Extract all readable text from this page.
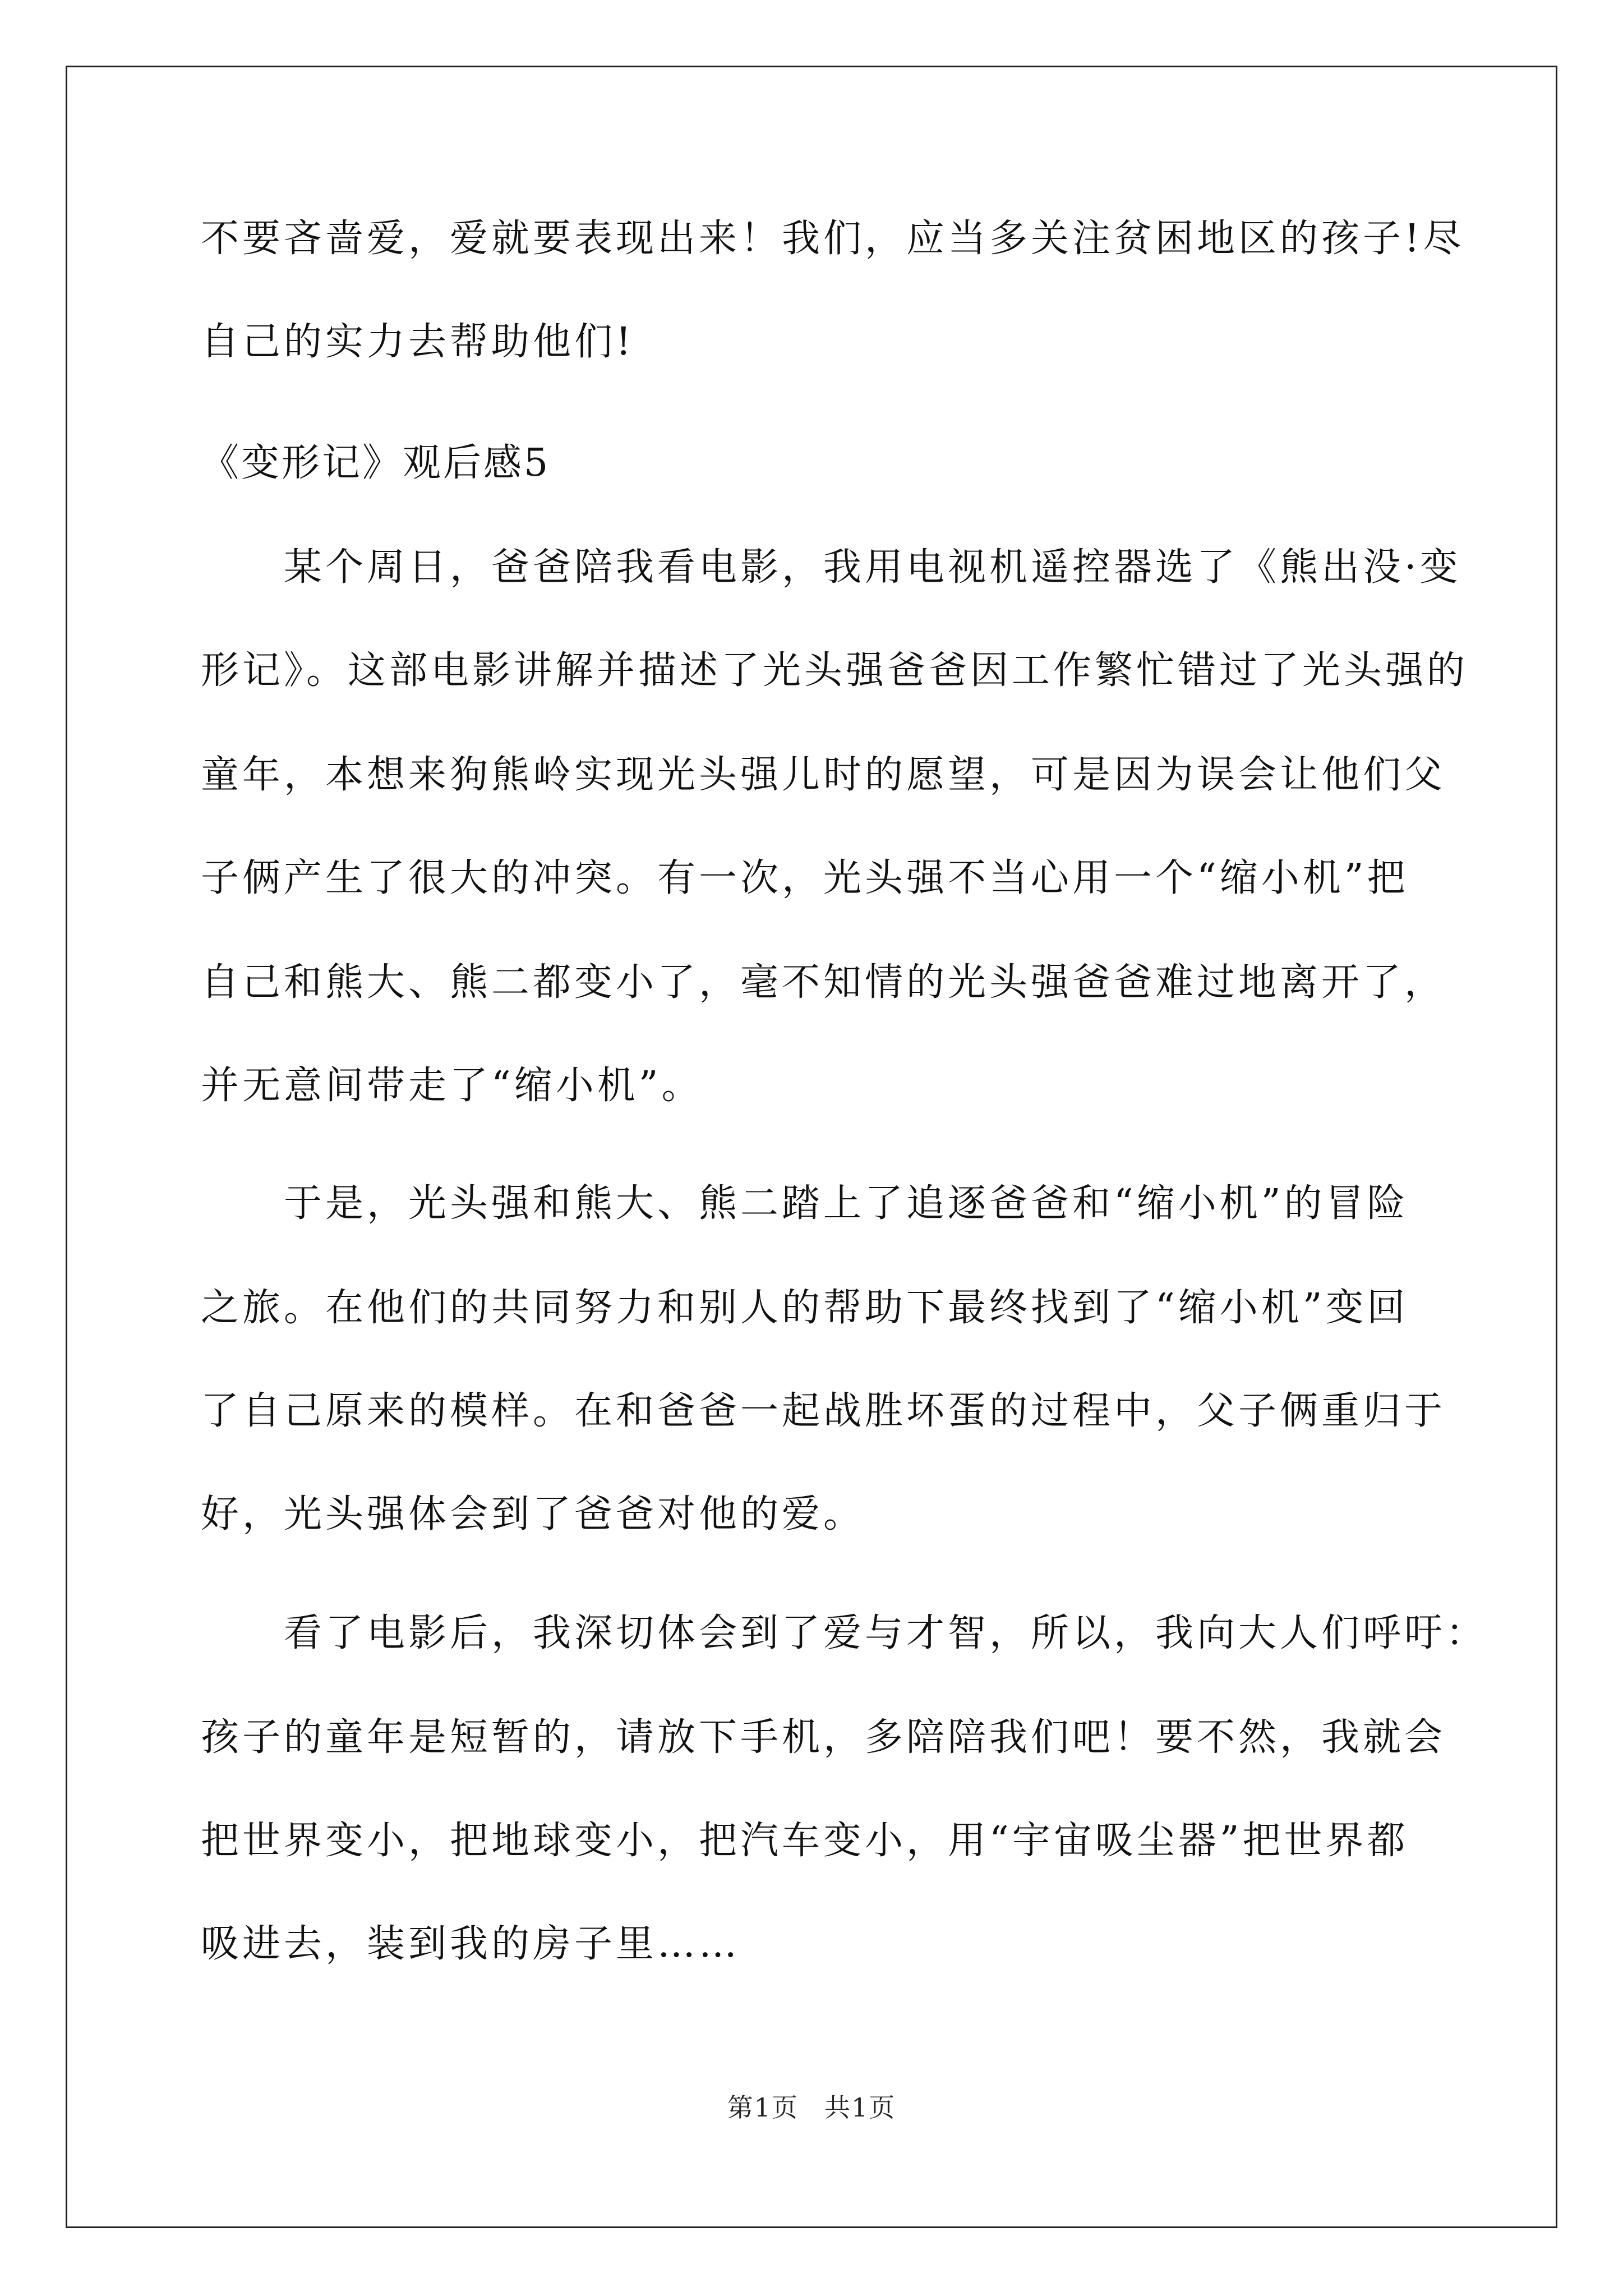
不要吝啬爱，爱就要表现出来！我们，应当多关注贫困地区的孩子!尽
自己的实力去帮助他们!
《变形记》观后感5
某个周日，爸爸陪我看电影，我用电视机遥控器选了《熊出没·变
形记》。这部电影讲解并描述了光头强爸爸因工作繁忙错过了光头强的
童年，本想来狗熊岭实现光头强儿时的愿望，可是因为误会让他们父
子俩产生了很大的冲突。有一次，光头强不当心用一个“缩小机”把
自己和熊大、熊二都变小了，毫不知情的光头强爸爸难过地离开了，
并无意间带走了“缩小机”。
于是，光头强和熊大、熊二踏上了追逐爸爸和“缩小机”的冒险
之旅。在他们的共同努力和别人的帮助下最终找到了“缩小机”变回
了自己原来的模样。在和爸爸一起战胜坏蛋的过程中，父子俩重归于
好，光头强体会到了爸爸对他的爱。
看了电影后，我深切体会到了爱与才智，所以，我向大人们呼吁：
孩子的童年是短暂的，请放下手机，多陪陪我们吧！要不然，我就会
把世界变小，把地球变小，把汽车变小，用“宇宙吸尘器”把世界都
吸进去，装到我的房子里……
第1页 共1页
